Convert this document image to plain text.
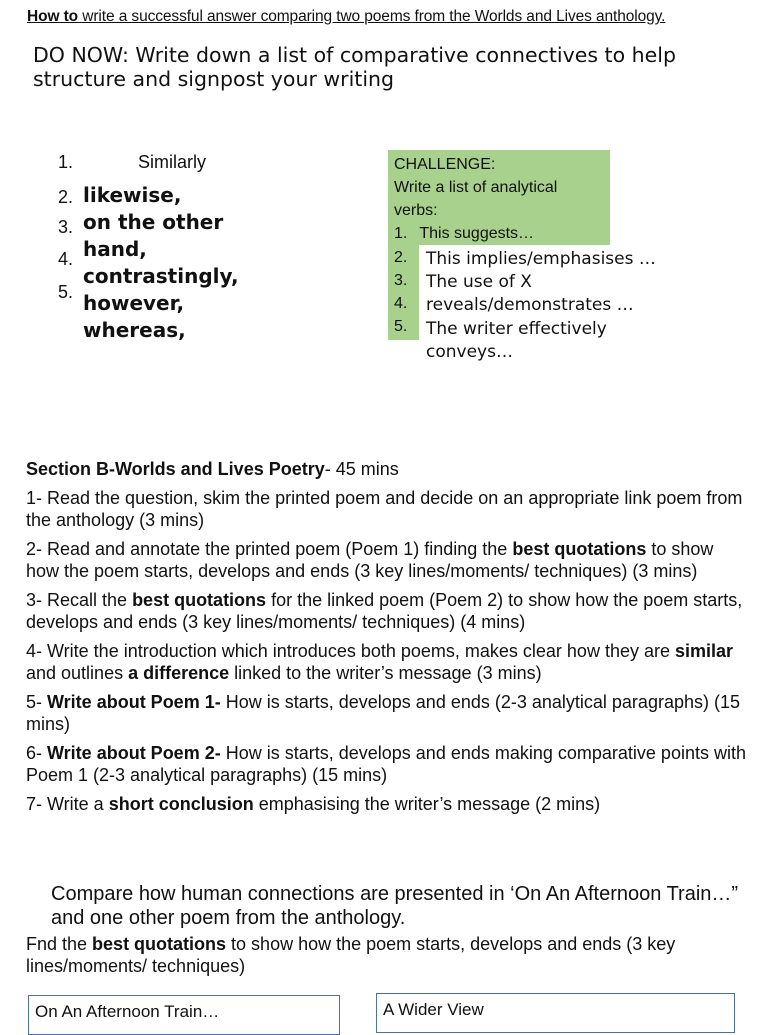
How to write a successful answer comparing two poems from the Worlds and Lives anthology.
DO NOW: Write down a list of comparative connectives to help structure and signpost your writing
1.	Similarly
2.
3.
4.
5.
likewise,
on the other hand,
contrastingly,
however,
whereas,
CHALLENGE:
Write a list of analytical verbs:
1. This suggests…
2.
3.
4.
5.
This implies/emphasises …
The use of X
reveals/demonstrates …
The writer effectively conveys…

Section B-Worlds and Lives Poetry- 45 mins

1- Read the question, skim the printed poem and decide on an appropriate link poem from the anthology (3 mins)

2- Read and annotate the printed poem (Poem 1) finding the best quotations to show how the poem starts, develops and ends (3 key lines/moments/ techniques) (3 mins)

3- Recall the best quotations for the linked poem (Poem 2) to show how the poem starts, develops and ends (3 key lines/moments/ techniques) (4 mins)

4- Write the introduction which introduces both poems, makes clear how they are similar and outlines a difference linked to the writer’s message (3 mins)

5- Write about Poem 1- How is starts, develops and ends (2-3 analytical paragraphs) (15 mins)

6- Write about Poem 2- How is starts, develops and ends making comparative points with Poem 1 (2-3 analytical paragraphs) (15 mins)

7- Write a short conclusion emphasising the writer’s message (2 mins)

Compare how human connections are presented in ‘On An Afternoon Train…” and one other poem from the anthology.
Fnd the best quotations to show how the poem starts, develops and ends (3 key lines/moments/ techniques)
On An Afternoon Train…	A Wider View
